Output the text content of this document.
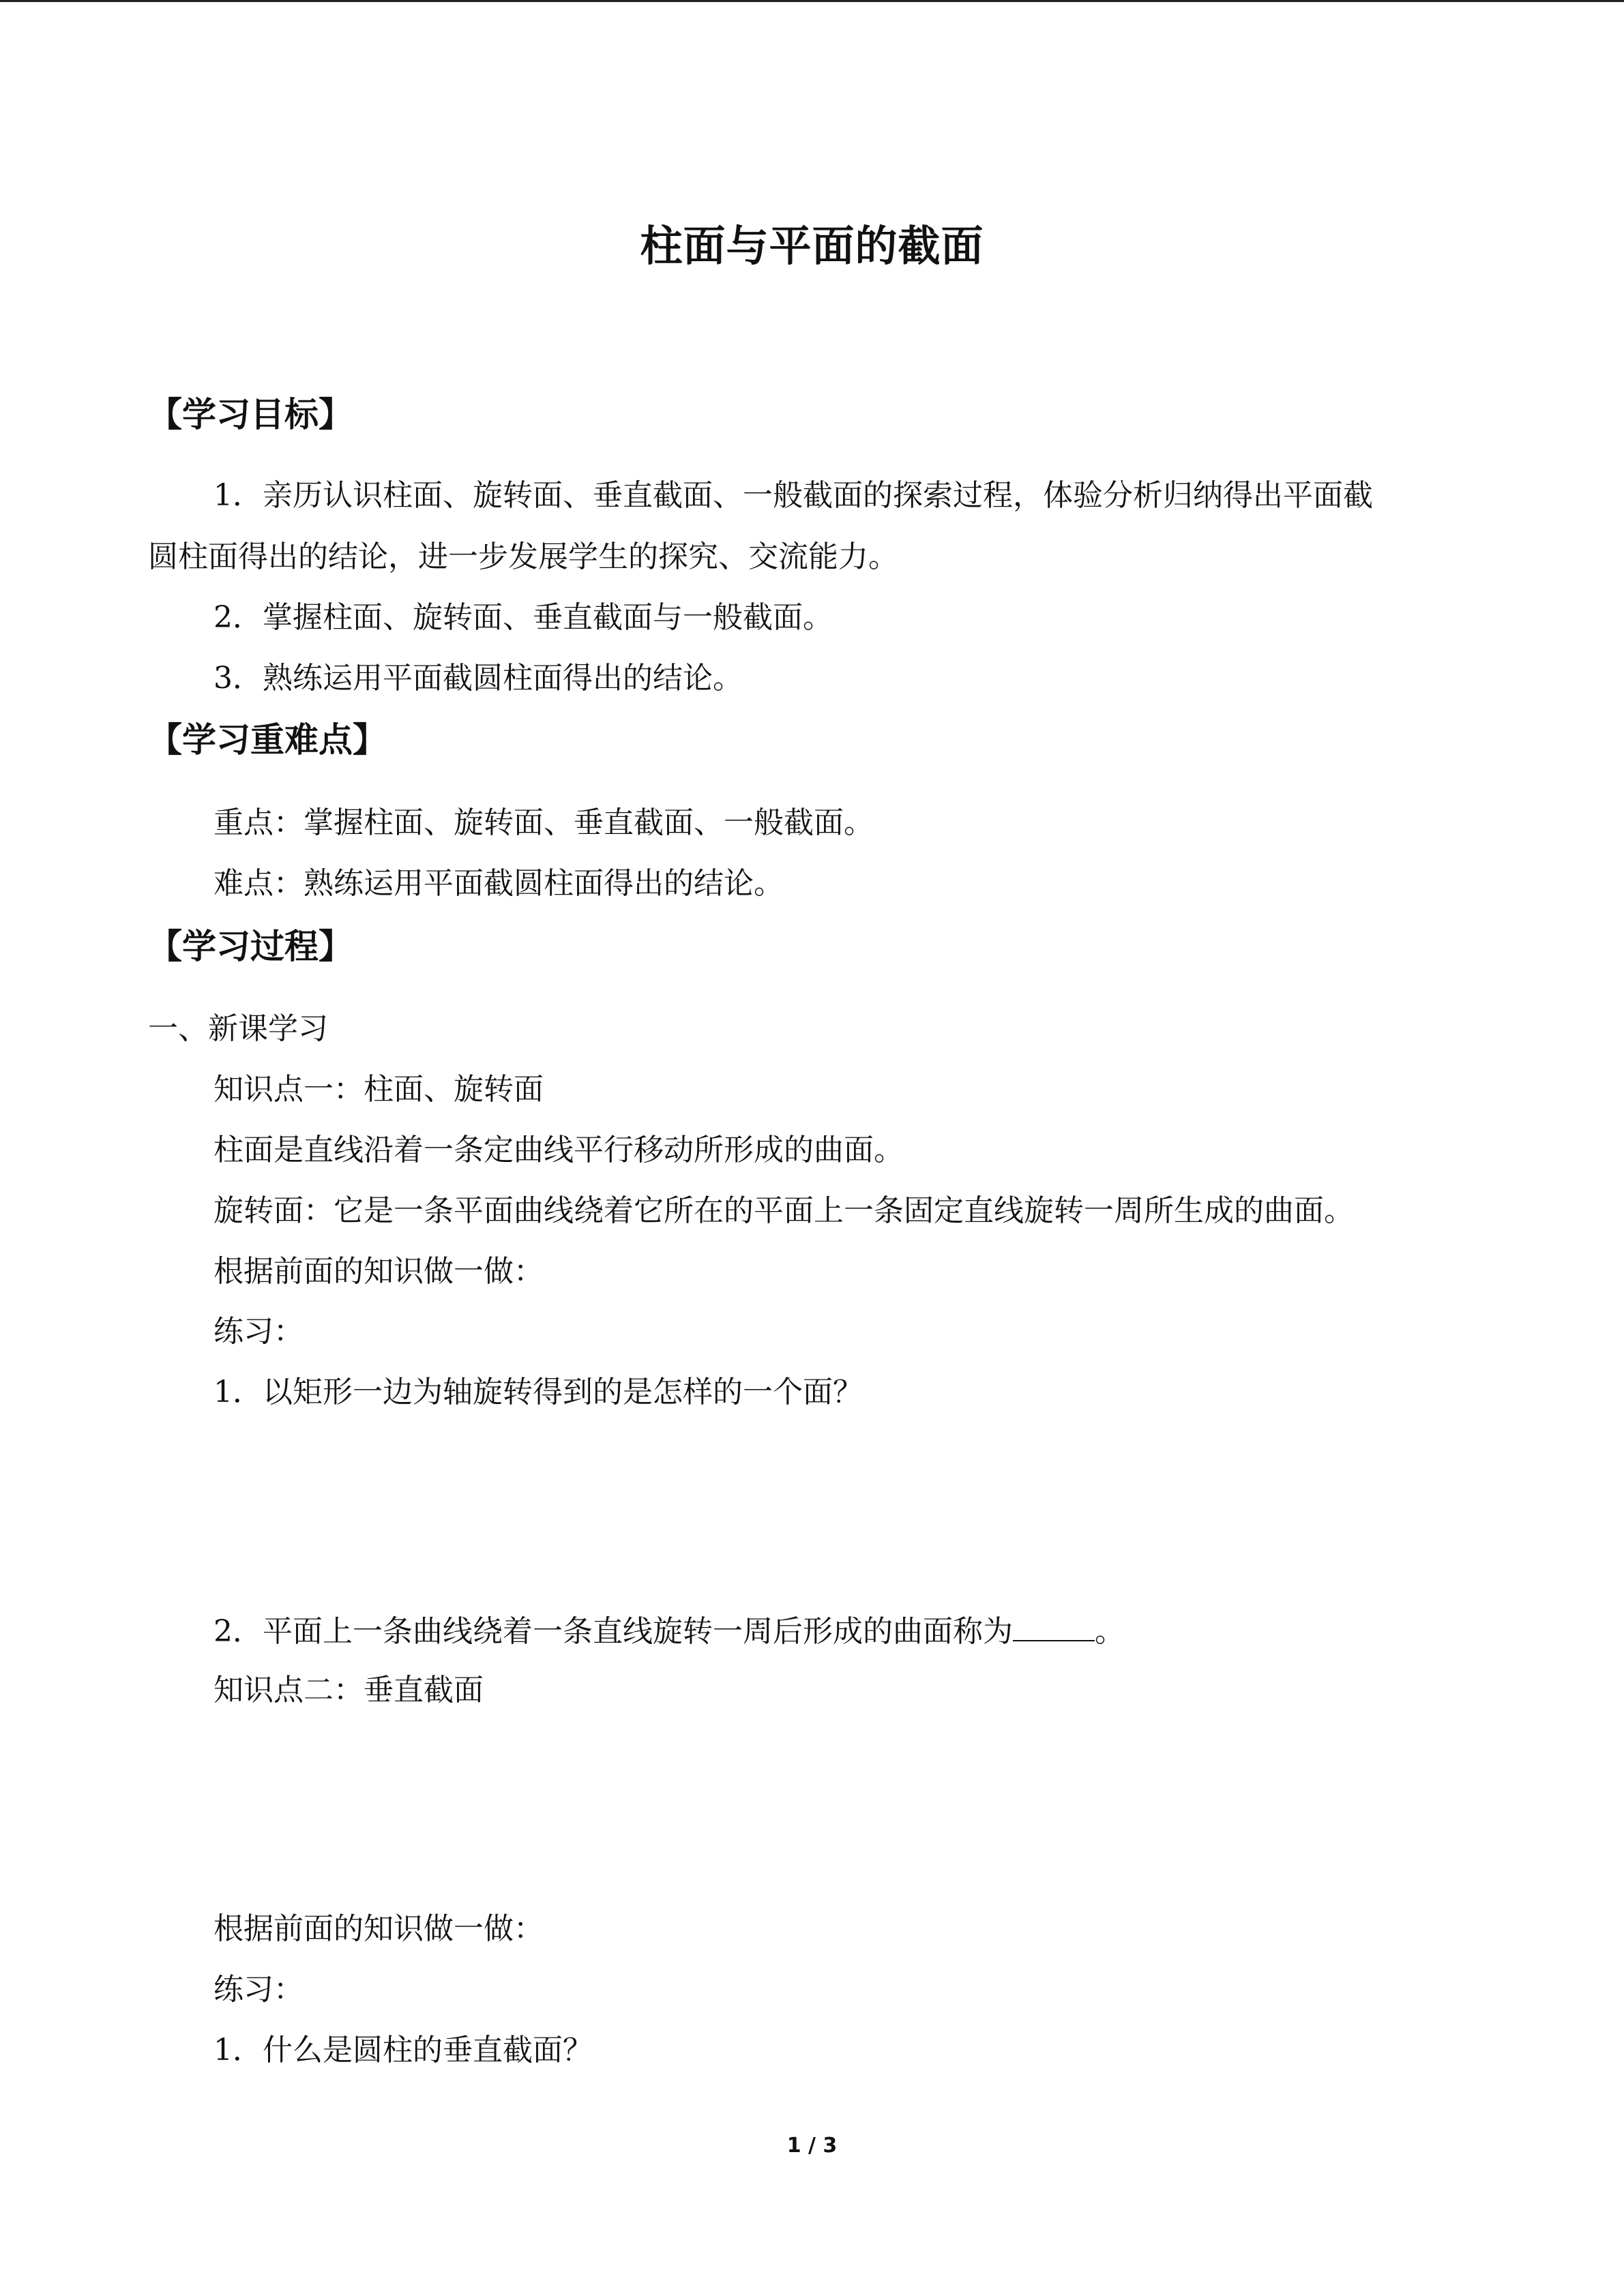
柱面与平面的截面
【学习目标】
1．亲历认识柱面、旋转面、垂直截面、一般截面的探索过程，体验分析归纳得出平面截
圆柱面得出的结论，进一步发展学生的探究、交流能力。
2．掌握柱面、旋转面、垂直截面与一般截面。
3．熟练运用平面截圆柱面得出的结论。
【学习重难点】
重点：掌握柱面、旋转面、垂直截面、一般截面。
难点：熟练运用平面截圆柱面得出的结论。
【学习过程】
一、新课学习
知识点一：柱面、旋转面
柱面是直线沿着一条定曲线平行移动所形成的曲面。
旋转面：它是一条平面曲线绕着它所在的平面上一条固定直线旋转一周所生成的曲面。
根据前面的知识做一做：
练习：
1．以矩形一边为轴旋转得到的是怎样的一个面？
2．平面上一条曲线绕着一条直线旋转一周后形成的曲面称为	。
知识点二：垂直截面
根据前面的知识做一做：
练习：
1．什么是圆柱的垂直截面？
1 / 3
